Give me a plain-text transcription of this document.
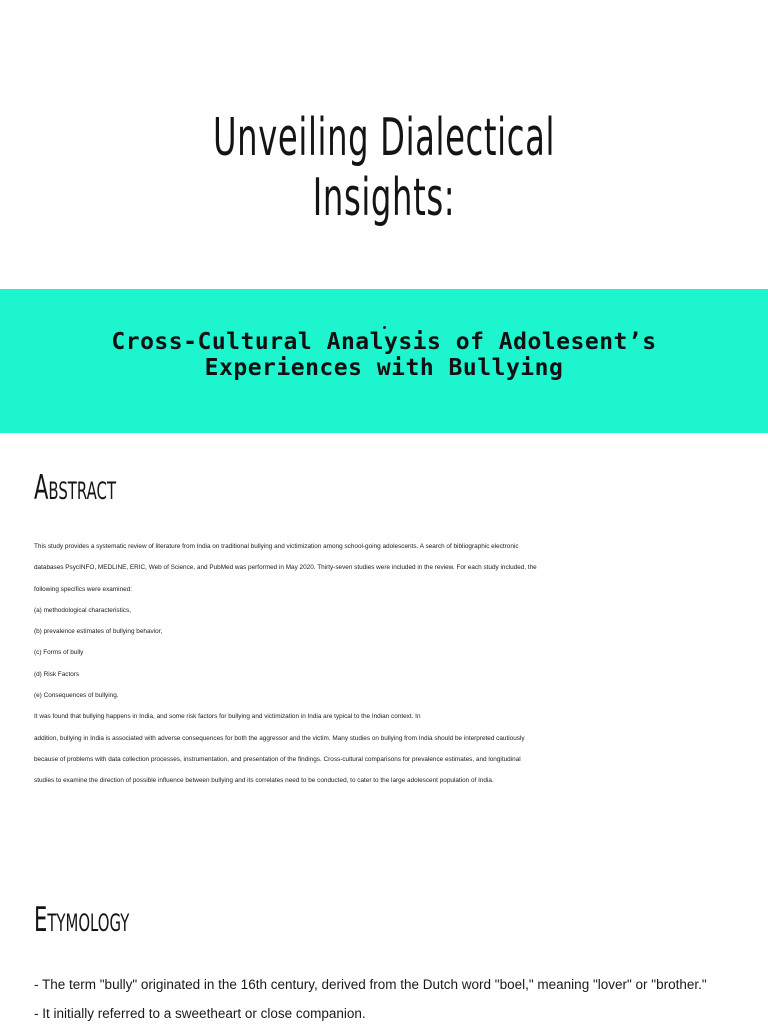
Unveiling Dialectical Insights:
Cross-Cultural Analysis of Adolesent’s
Experiences with Bullying
Abstract
This study provides a systematic review of literature from India on traditional bullying and victimization among school-going adolescents. A search of bibliographic electronic
databases PsycINFO, MEDLINE, ERIC, Web of Science, and PubMed was performed in May 2020. Thirty-seven studies were included in the review. For each study included, the
following specifics were examined:
(a) methodological characteristics,
(b) prevalence estimates of bullying behavior,
(c) Forms of bully
(d) Risk Factors
(e) Consequences of bullying.
It was found that bullying happens in India, and some risk factors for bullying and victimization in India are typical to the Indian context. In
addition, bullying in India is associated with adverse consequences for both the aggressor and the victim. Many studies on bullying from India should be interpreted cautiously
because of problems with data collection processes, instrumentation, and presentation of the findings. Cross-cultural comparisons for prevalence estimates, and longitudinal
studies to examine the direction of possible influence between bullying and its correlates need to be conducted, to cater to the large adolescent population of India.
Etymology
- The term "bully" originated in the 16th century, derived from the Dutch word "boel," meaning "lover" or "brother."
- It initially referred to a sweetheart or close companion.
